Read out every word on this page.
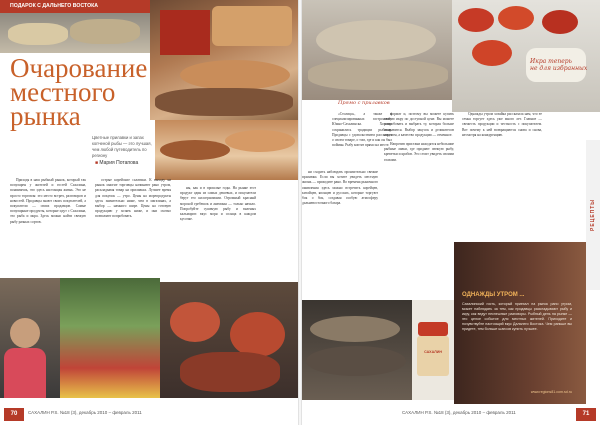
ПОДАРОК С ДАЛЬНЕГО ВОСТОКА
Очарование
местного
рынка
Цветные прилавки и запах копченой рыбы — это лучшая, чем любой путеводитель по региону
■ Мария Потапова

Приходя в наш рыбный рынок, который так популярен у жителей и гостей Сахалина, понимаешь, что здесь настоящая жизнь. Это не просто торговля: это место встреч, разговоров и новостей. Продавцы знают своих покупателей, а покупатели — своих продавцов. Самые популярные продукты, которые идут с Сахалина, это рыба и икра. Здесь можно найти свежую рыбу разных сортов.

острые корейские салатики. К выходу на рынок многие торговцы начинают рано утром, раскладывая товар на прилавках. Лучшее время для покупок — утро. Цены на морепродукты здесь значительно ниже, чем в магазинах, а выбор — намного шире. Цены на готовую продукцию у хозяек ниже, и они охотно позволяют попробовать.

ны, как и в прошлые годы. На рынке этот продукт один из самых дешевых, и покупатели берут его килограммами. Огромный красный морской гребешок и анемоны — только начало. Попробуйте сушеную рыбу и вяленых кальмаров: вкус моря и солнца в каждом кусочке.

70	САХАЛИН Р.S. №18 (3), декабрь 2010 – февраль 2011
Икра теперь
не для избранных
Прямо с прилавков

ни сходить наблюдать пронзительно свежие прилавки. Если вы хотите увидеть местную жизнь — приходите рано. Во времена рыночного оживления здесь можно встретить корейцев, китайцев, японцев и русских, которые торгуют бок о бок, создавая особую атмосферу дальневосточного базара.

«Столица», а также в специализированных гастрономах Южно-Сахалинска. Хорошо сохранились традиции рыбаков. Продавцы с удовольствием расскажут о своем товаре, о том, где и как он был пойман. Рыбу коптят прямо на месте.

формат и, поэтому вы можете купить любую икру по доступной цене. Вы можете попробовать и выбрать ту, которая больше понравится. Выбор закусок и деликатесов огромен, а качество продукции — отменное.

Напротив пристани находятся небольшие рыбные лавки, где продают свежую рыбу, креветки и крабов. Это стоит увидеть своими глазами.

Однажды утром хозяйка рассказала нам, что ее семья торгует здесь уже много лет. Главное — свежесть продукции и честность с покупателем. Вот почему к ней возвращаются снова и снова, несмотря на конкуренцию.

САХАЛИН
ОДНАЖДЫ УТРОМ ...
Сахалинский гость, который приехал на рынок рано утром, может наблюдать за тем, как продавцы раскладывают рыбу и икру, как ведут неспешные разговоры. Рыбный день на рынке — это целое событие для местных жителей. Приходите и почувствуйте настоящий вкус Дальнего Востока. Чем раньше вы придете, тем больше шансов купить лучшее.
www.regions81.com.sd.ru
РЕЦЕПТЫ
САХАЛИН Р.S. №18 (3), декабрь 2010 – февраль 2011	71
